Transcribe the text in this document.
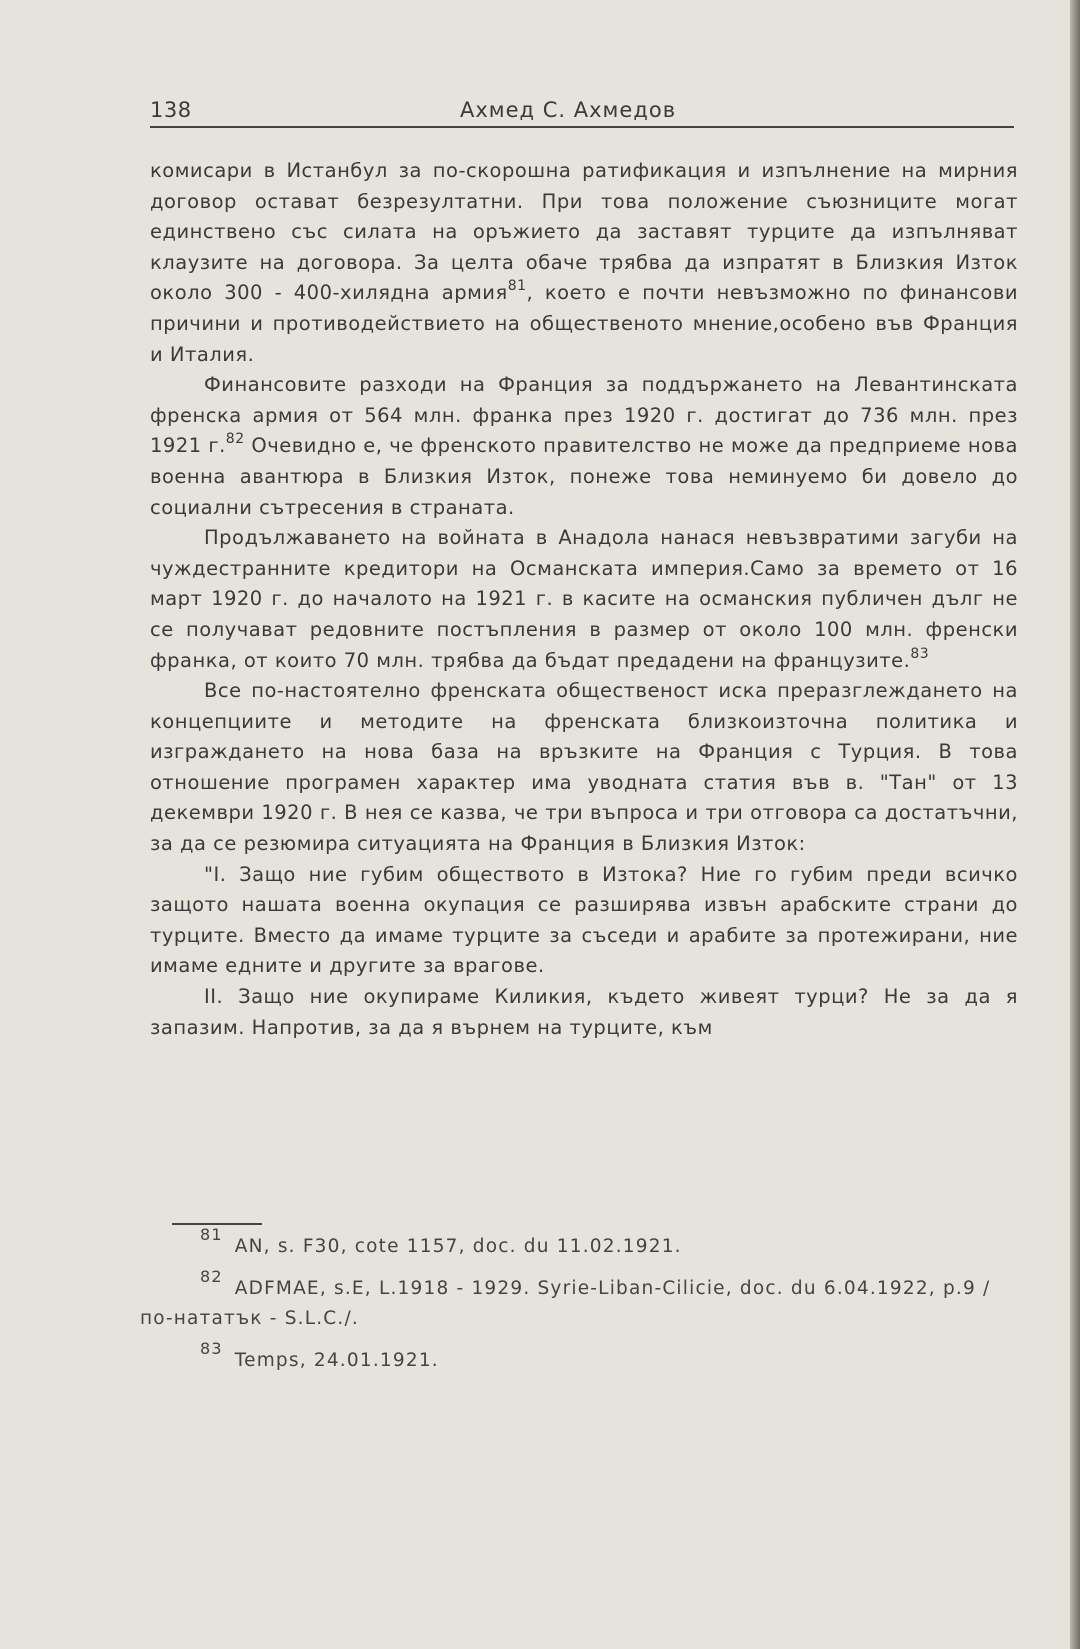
138	Ахмед С. Ахмедов

комисари в Истанбул за по-скорошна ратификация и изпълнение на мирния договор остават безрезултатни. При това положение съюзниците могат единствено със силата на оръжието да заставят турците да изпълняват клаузите на договора. За целта обаче трябва да изпратят в Близкия Изток около 300 - 400-хилядна армия$^{81}$, което е почти невъзможно по финансови причини и противодействието на общественото мнение,особено във Франция и Италия.

Финансовите разходи на Франция за поддържането на Левантинската френска армия от 564 млн. франка през 1920 г. достигат до 736 млн. през 1921 г.$^{82}$ Очевидно е, че френското правителство не може да предприеме нова военна авантюра в Близкия Изток, понеже това неминуемо би довело до социални сътресения в страната.

Продължаването на войната в Анадола нанася невъзвратими загуби на чуждестранните кредитори на Османската империя.Само за времето от 16 март 1920 г. до началото на 1921 г. в касите на османския публичен дълг не се получават редовните постъпления в размер от около 100 млн. френски франка, от които 70 млн. трябва да бъдат предадени на французите.$^{83}$

Все по-настоятелно френската общественост иска преразглеждането на концепциите и методите на френската близкоизточна политика и изграждането на нова база на връзките на Франция с Турция. В това отношение програмен характер има уводната статия във в. "Тан" от 13 декември 1920 г. В нея се казва, че три въпроса и три отговора са достатъчни, за да се резюмира ситуацията на Франция в Близкия Изток:

"I. Защо ние губим обществото в Изтока? Ние го губим преди всичко защото нашата военна окупация се разширява извън арабските страни до турците. Вместо да имаме турците за съседи и арабите за протежирани, ние имаме едните и другите за врагове.

II. Защо ние окупираме Киликия, където живеят турци? Не за да я запазим. Напротив, за да я върнем на турците, към

81AN, s. F30, cote 1157, doc. du 11.02.1921.
82ADFMAE, s.E, L.1918 - 1929. Syrie-Liban-Cilicie, doc. du 6.04.1922, p.9 /по-нататък - S.L.C./.
83Temps, 24.01.1921.
